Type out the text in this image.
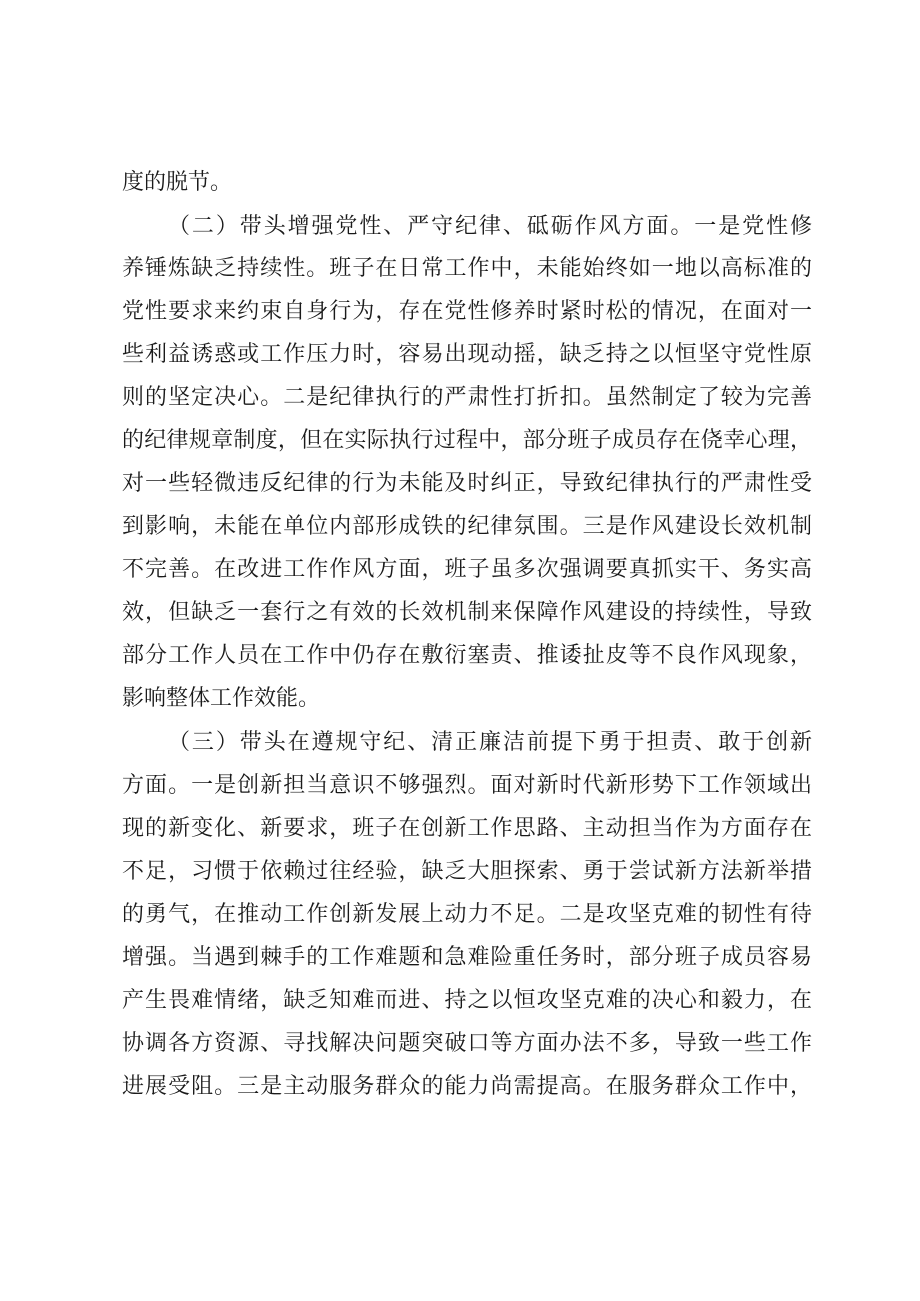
度的脱节。
（二）带头增强党性、严守纪律、砥砺作风方面。一是党性修
养锤炼缺乏持续性。班子在日常工作中，未能始终如一地以高标准的
党性要求来约束自身行为，存在党性修养时紧时松的情况，在面对一
些利益诱惑或工作压力时，容易出现动摇，缺乏持之以恒坚守党性原
则的坚定决心。二是纪律执行的严肃性打折扣。虽然制定了较为完善
的纪律规章制度，但在实际执行过程中，部分班子成员存在侥幸心理，
对一些轻微违反纪律的行为未能及时纠正，导致纪律执行的严肃性受
到影响，未能在单位内部形成铁的纪律氛围。三是作风建设长效机制
不完善。在改进工作作风方面，班子虽多次强调要真抓实干、务实高
效，但缺乏一套行之有效的长效机制来保障作风建设的持续性，导致
部分工作人员在工作中仍存在敷衍塞责、推诿扯皮等不良作风现象，
影响整体工作效能。
（三）带头在遵规守纪、清正廉洁前提下勇于担责、敢于创新
方面。一是创新担当意识不够强烈。面对新时代新形势下工作领域出
现的新变化、新要求，班子在创新工作思路、主动担当作为方面存在
不足，习惯于依赖过往经验，缺乏大胆探索、勇于尝试新方法新举措
的勇气，在推动工作创新发展上动力不足。二是攻坚克难的韧性有待
增强。当遇到棘手的工作难题和急难险重任务时，部分班子成员容易
产生畏难情绪，缺乏知难而进、持之以恒攻坚克难的决心和毅力，在
协调各方资源、寻找解决问题突破口等方面办法不多，导致一些工作
进展受阻。三是主动服务群众的能力尚需提高。在服务群众工作中，
